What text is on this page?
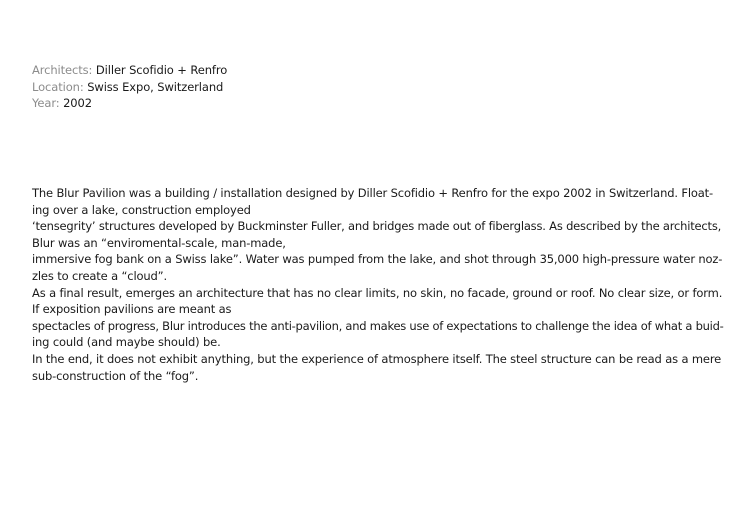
Architects: Diller Scofidio + Renfro
Location: Swiss Expo, Switzerland
Year: 2002
The Blur Pavilion was a building / installation designed by Diller Scofidio + Renfro for the expo 2002 in Switzerland. Float-
ing over a lake, construction employed
‘tensegrity’ structures developed by Buckminster Fuller, and bridges made out of fiberglass. As described by the architects,
Blur was an “enviromental-scale, man-made,
immersive fog bank on a Swiss lake”. Water was pumped from the lake, and shot through 35,000 high-pressure water noz-
zles to create a “cloud”.
As a final result, emerges an architecture that has no clear limits, no skin, no facade, ground or roof. No clear size, or form.
If exposition pavilions are meant as
spectacles of progress, Blur introduces the anti-pavilion, and makes use of expectations to challenge the idea of what a buid-
ing could (and maybe should) be.
In the end, it does not exhibit anything, but the experience of atmosphere itself. The steel structure can be read as a mere
sub-construction of the “fog”.
